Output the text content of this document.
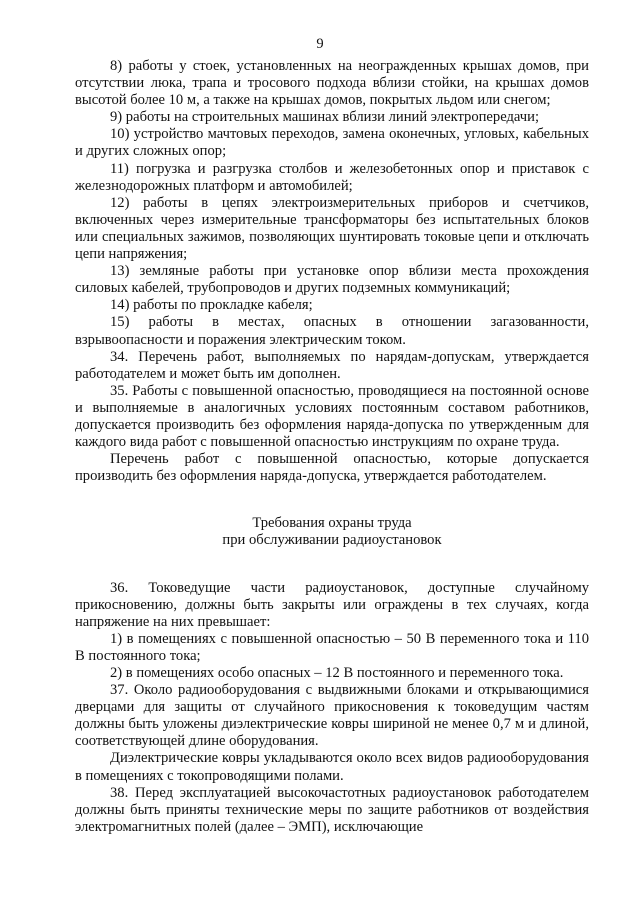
9

8) работы у стоек, установленных на неогражденных крышах домов, при отсутствии люка, трапа и тросового подхода вблизи стойки, на крышах домов высотой более 10 м, а также на крышах домов, покрытых льдом или снегом;

9) работы на строительных машинах вблизи линий электропередачи;

10) устройство мачтовых переходов, замена оконечных, угловых, кабельных и других сложных опор;

11) погрузка и разгрузка столбов и железобетонных опор и приставок с железнодорожных платформ и автомобилей;

12) работы в цепях электроизмерительных приборов и счетчиков, включенных через измерительные трансформаторы без испытательных блоков или специальных зажимов, позволяющих шунтировать токовые цепи и отключать цепи напряжения;

13) земляные работы при установке опор вблизи места прохождения силовых кабелей, трубопроводов и других подземных коммуникаций;

14) работы по прокладке кабеля;

15) работы в местах, опасных в отношении загазованности, взрывоопасности и поражения электрическим током.

34. Перечень работ, выполняемых по нарядам-допускам, утверждается работодателем и может быть им дополнен.

35. Работы с повышенной опасностью, проводящиеся на постоянной основе и выполняемые в аналогичных условиях постоянным составом работников, допускается производить без оформления наряда-допуска по утвержденным для каждого вида работ с повышенной опасностью инструкциям по охране труда.

Перечень работ с повышенной опасностью, которые допускается производить без оформления наряда-допуска, утверждается работодателем.

Требования охраны труда

при обслуживании радиоустановок

36. Токоведущие части радиоустановок, доступные случайному прикосновению, должны быть закрыты или ограждены в тех случаях, когда напряжение на них превышает:

1) в помещениях с повышенной опасностью – 50 В переменного тока и 110 В постоянного тока;

2) в помещениях особо опасных – 12 В постоянного и переменного тока.

37. Около радиооборудования с выдвижными блоками и открывающимися дверцами для защиты от случайного прикосновения к токоведущим частям должны быть уложены диэлектрические ковры шириной не менее 0,7 м и длиной, соответствующей длине оборудования.

Диэлектрические ковры укладываются около всех видов радиооборудования в помещениях с токопроводящими полами.

38. Перед эксплуатацией высокочастотных радиоустановок работодателем должны быть приняты технические меры по защите работников от воздействия электромагнитных полей (далее – ЭМП), исключающие
